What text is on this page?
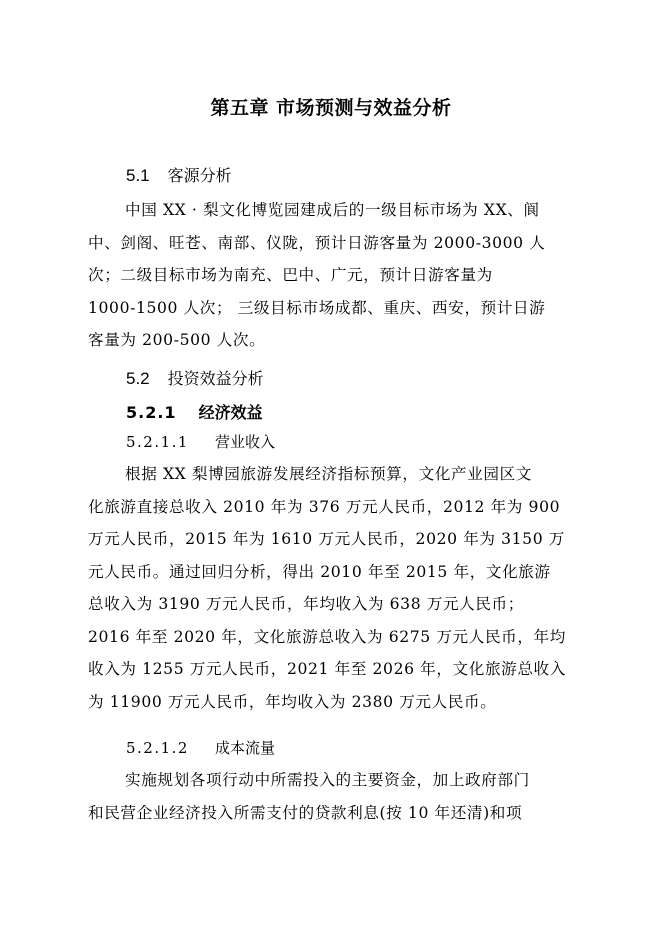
第五章 市场预测与效益分析
5.1 客源分析
中国 XX · 梨文化博览园建成后的一级目标市场为 XX、阆
中、剑阁、旺苍、南部、仪陇，预计日游客量为 2000-3000 人
次；二级目标市场为南充、巴中、广元，预计日游客量为
1000-1500 人次； 三级目标市场成都、重庆、西安，预计日游
客量为 200-500 人次。
5.2 投资效益分析
5.2.1 经济效益
5.2.1.1 营业收入
根据 XX 梨博园旅游发展经济指标预算，文化产业园区文
化旅游直接总收入 2010 年为 376 万元人民币，2012 年为 900
万元人民币，2015 年为 1610 万元人民币，2020 年为 3150 万
元人民币。通过回归分析，得出 2010 年至 2015 年，文化旅游
总收入为 3190 万元人民币，年均收入为 638 万元人民币；
2016 年至 2020 年，文化旅游总收入为 6275 万元人民币，年均
收入为 1255 万元人民币，2021 年至 2026 年，文化旅游总收入
为 11900 万元人民币，年均收入为 2380 万元人民币。
5.2.1.2 成本流量
实施规划各项行动中所需投入的主要资金，加上政府部门
和民营企业经济投入所需支付的贷款利息(按 10 年还清)和项
